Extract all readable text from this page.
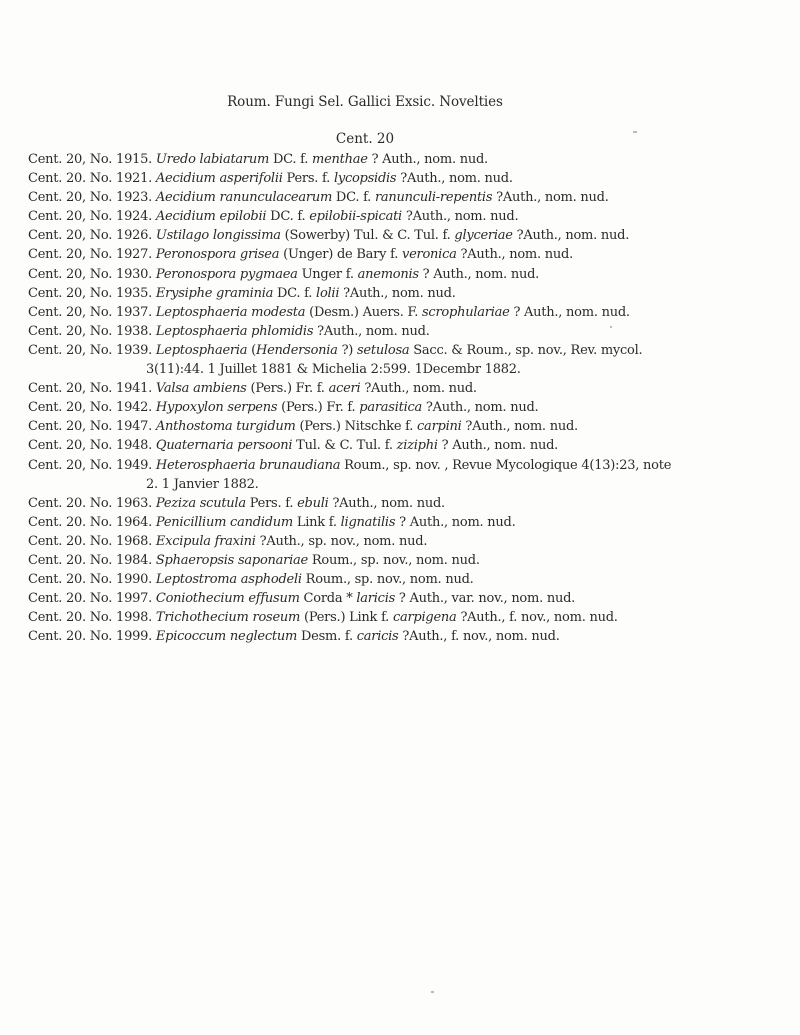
Roum. Fungi Sel. Gallici Exsic. Novelties
Cent. 20
Cent. 20, No. 1915. Uredo labiatarum DC. f. menthae ? Auth., nom. nud.
Cent. 20. No. 1921. Aecidium asperifolii Pers. f. lycopsidis ?Auth., nom. nud.
Cent. 20, No. 1923. Aecidium ranunculacearum DC. f. ranunculi-repentis ?Auth., nom. nud.
Cent. 20, No. 1924. Aecidium epilobii DC. f. epilobii-spicati ?Auth., nom. nud.
Cent. 20, No. 1926. Ustilago longissima (Sowerby) Tul. & C. Tul. f. glyceriae ?Auth., nom. nud.
Cent. 20, No. 1927. Peronospora grisea (Unger) de Bary f. veronica ?Auth., nom. nud.
Cent. 20, No. 1930. Peronospora pygmaea Unger f. anemonis ? Auth., nom. nud.
Cent. 20, No. 1935. Erysiphe graminia DC. f. lolii ?Auth., nom. nud.
Cent. 20, No. 1937. Leptosphaeria modesta (Desm.) Auers. F. scrophulariae ? Auth., nom. nud.
Cent. 20, No. 1938. Leptosphaeria phlomidis ?Auth., nom. nud.
Cent. 20, No. 1939. Leptosphaeria (Hendersonia ?) setulosa Sacc. & Roum., sp. nov., Rev. mycol.
3(11):44. 1 Juillet 1881 & Michelia 2:599. 1Decembr 1882.
Cent. 20, No. 1941. Valsa ambiens (Pers.) Fr. f. aceri ?Auth., nom. nud.
Cent. 20, No. 1942. Hypoxylon serpens (Pers.) Fr. f. parasitica ?Auth., nom. nud.
Cent. 20, No. 1947. Anthostoma turgidum (Pers.) Nitschke f. carpini ?Auth., nom. nud.
Cent. 20, No. 1948. Quaternaria persooni Tul. & C. Tul. f. ziziphi ? Auth., nom. nud.
Cent. 20, No. 1949. Heterosphaeria brunaudiana Roum., sp. nov. , Revue Mycologique 4(13):23, note
2. 1 Janvier 1882.
Cent. 20. No. 1963. Peziza scutula Pers. f. ebuli ?Auth., nom. nud.
Cent. 20. No. 1964. Penicillium candidum Link f. lignatilis ? Auth., nom. nud.
Cent. 20. No. 1968. Excipula fraxini ?Auth., sp. nov., nom. nud.
Cent. 20. No. 1984. Sphaeropsis saponariae Roum., sp. nov., nom. nud.
Cent. 20. No. 1990. Leptostroma asphodeli Roum., sp. nov., nom. nud.
Cent. 20. No. 1997. Coniothecium effusum Corda * laricis ? Auth., var. nov., nom. nud.
Cent. 20. No. 1998. Trichothecium roseum (Pers.) Link f. carpigena ?Auth., f. nov., nom. nud.
Cent. 20. No. 1999. Epicoccum neglectum Desm. f. caricis ?Auth., f. nov., nom. nud.
